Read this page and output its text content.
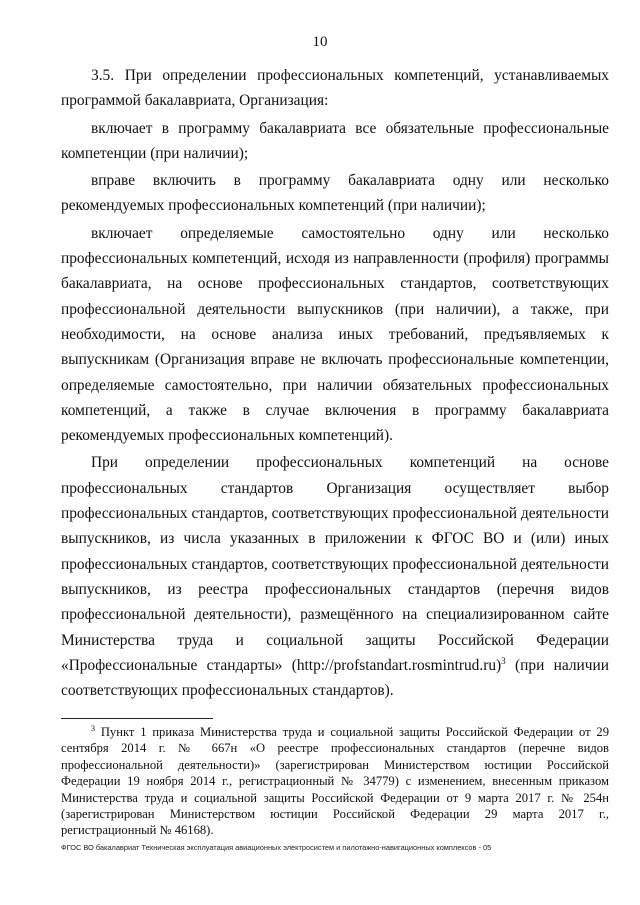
10

3.5. При определении профессиональных компетенций, устанавливаемых программой бакалавриата, Организация:

включает в программу бакалавриата все обязательные профессиональные компетенции (при наличии);

вправе включить в программу бакалавриата одну или несколько рекомендуемых профессиональных компетенций (при наличии);

включает определяемые самостоятельно одну или несколько профессиональных компетенций, исходя из направленности (профиля) программы бакалавриата, на основе профессиональных стандартов, соответствующих профессиональной деятельности выпускников (при наличии), а также, при необходимости, на основе анализа иных требований, предъявляемых к выпускникам (Организация вправе не включать профессиональные компетенции, определяемые самостоятельно, при наличии обязательных профессиональных компетенций, а также в случае включения в программу бакалавриата рекомендуемых профессиональных компетенций).

При определении профессиональных компетенций на основе профессиональных стандартов Организация осуществляет выбор профессиональных стандартов, соответствующих профессиональной деятельности выпускников, из числа указанных в приложении к ФГОС ВО и (или) иных профессиональных стандартов, соответствующих профессиональной деятельности выпускников, из реестра профессиональных стандартов (перечня видов профессиональной деятельности), размещённого на специализированном сайте Министерства труда и социальной защиты Российской Федерации «Профессиональные стандарты» (http://profstandart.rosmintrud.ru)$^3$ (при наличии соответствующих профессиональных стандартов).

$^3$ Пункт 1 приказа Министерства труда и социальной защиты Российской Федерации от 29 сентября 2014 г. № 667н «О реестре профессиональных стандартов (перечне видов профессиональной деятельности)» (зарегистрирован Министерством юстиции Российской Федерации 19 ноября 2014 г., регистрационный № 34779) с изменением, внесенным приказом Министерства труда и социальной защиты Российской Федерации от 9 марта 2017 г. № 254н (зарегистрирован Министерством юстиции Российской Федерации 29 марта 2017 г., регистрационный № 46168).

ФГОС ВО бакалавриат Техническая эксплуатация авиационных электросистем и пилотажно-навигационных комплексов - 05
